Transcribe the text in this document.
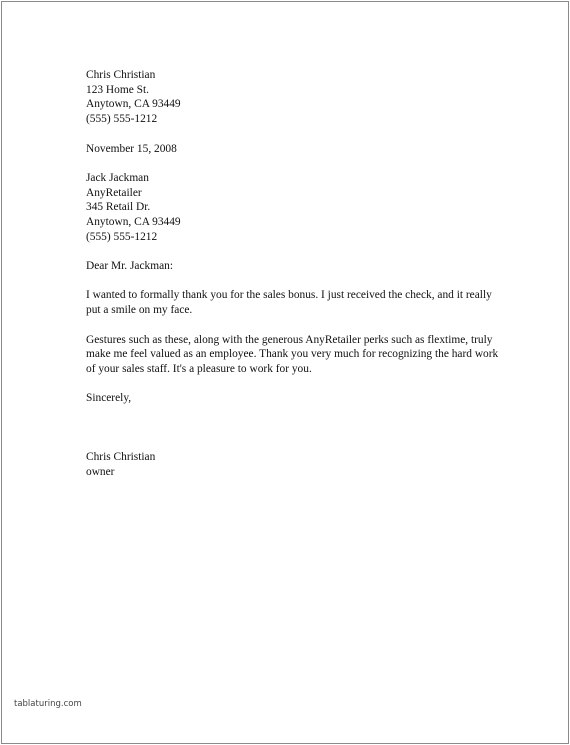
Chris Christian
123 Home St.
Anytown, CA 93449
(555) 555-1212
November 15, 2008
Jack Jackman
AnyRetailer
345 Retail Dr.
Anytown, CA 93449
(555) 555-1212
Dear Mr. Jackman:
I wanted to formally thank you for the sales bonus. I just received the check, and it really put a smile on my face.
Gestures such as these, along with the generous AnyRetailer perks such as flextime, truly make me feel valued as an employee. Thank you very much for recognizing the hard work of your sales staff. It's a pleasure to work for you.
Sincerely,
Chris Christian
owner
tablaturing.com
